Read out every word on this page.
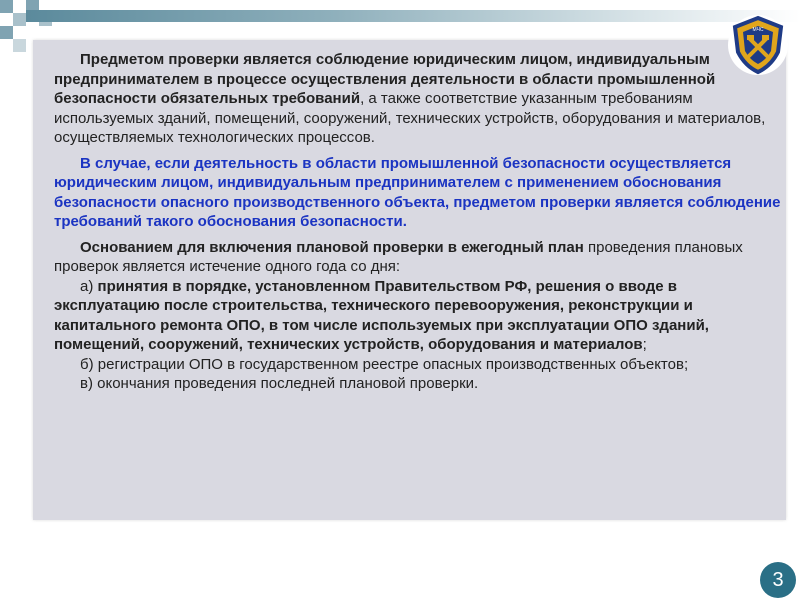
МЧС

Предметом проверки является соблюдение юридическим лицом, индивидуальным предпринимателем в процессе осуществления деятельности в области промышленной безопасности обязательных требований, а также соответствие указанным требованиям используемых зданий, помещений, сооружений, технических устройств, оборудования и материалов, осуществляемых технологических процессов.

В случае, если деятельность в области промышленной безопасности осуществляется юридическим лицом, индивидуальным предпринимателем с применением обоснования безопасности опасного производственного объекта, предметом проверки является соблюдение требований такого обоснования безопасности.

Основанием для включения плановой проверки в ежегодный план проведения плановых проверок является истечение одного года со дня:

а) принятия в порядке, установленном Правительством РФ, решения о вводе в эксплуатацию после строительства, технического перевооружения, реконструкции и капитального ремонта ОПО, в том числе используемых при эксплуатации ОПО зданий, помещений, сооружений, технических устройств, оборудования и материалов;

б) регистрации ОПО в государственном реестре опасных производственных объектов;

в) окончания проведения последней плановой проверки.

3
